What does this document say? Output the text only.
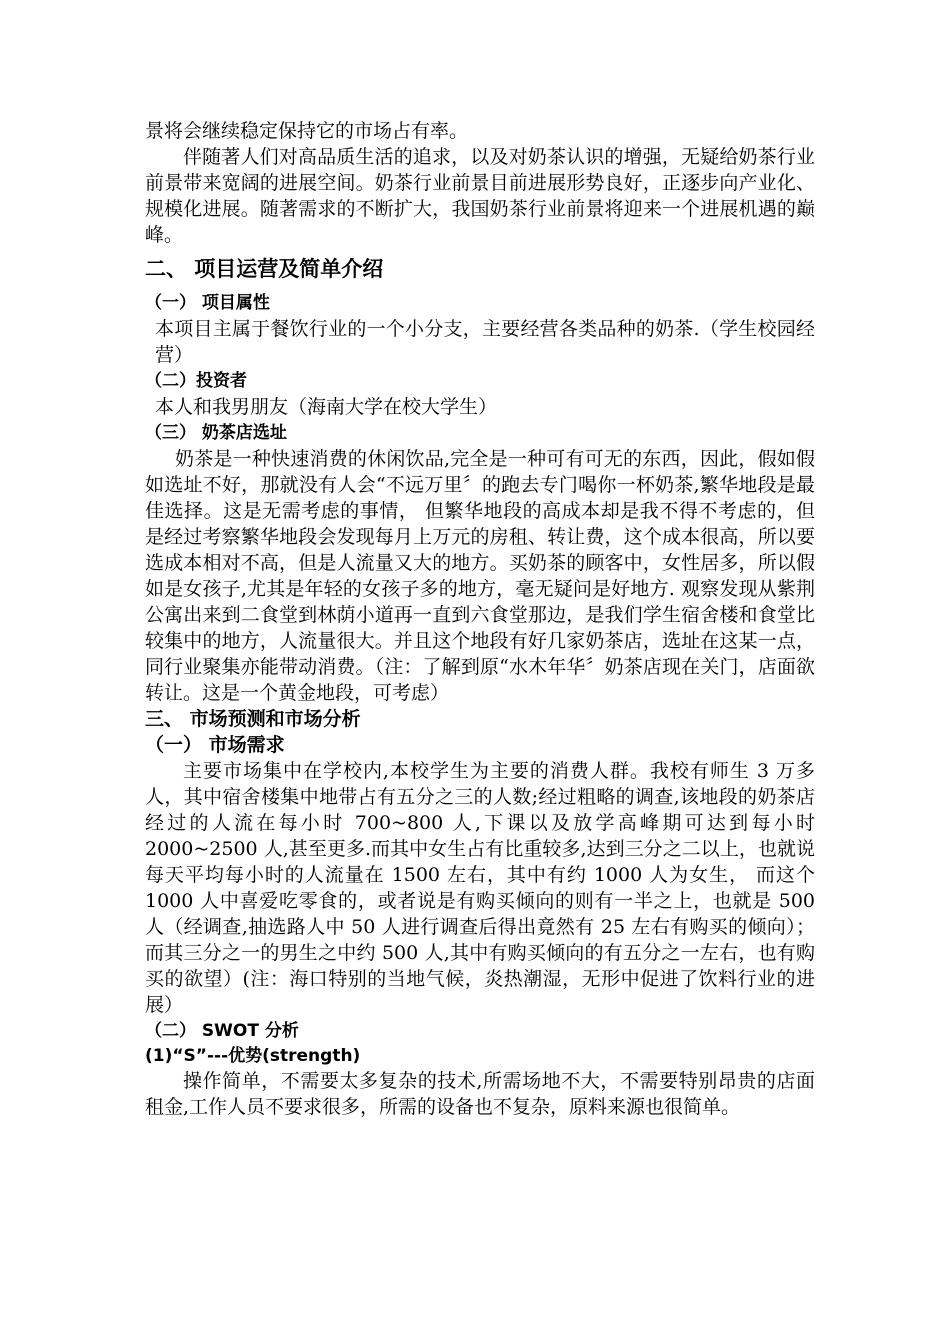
景将会继续稳定保持它的市场占有率。

伴随著人们对高品质生活的追求，以及对奶茶认识的增强，无疑给奶茶行业前景带来宽阔的进展空间。奶茶行业前景目前进展形势良好，正逐步向产业化、规模化进展。随著需求的不断扩大，我国奶茶行业前景将迎来一个进展机遇的巅峰。

二、 项目运营及简单介绍
（一） 项目属性

本项目主属于餐饮行业的一个小分支，主要经营各类品种的奶茶.（学生校园经营）

（二）投资者

本人和我男朋友（海南大学在校大学生）

（三） 奶茶店选址

奶茶是一种快速消费的休闲饮品,完全是一种可有可无的东西，因此，假如假如选址不好，那就没有人会“不远万里〞的跑去专门喝你一杯奶茶,繁华地段是最佳选择。这是无需考虑的事情， 但繁华地段的高成本却是我不得不考虑的，但是经过考察繁华地段会发现每月上万元的房租、转让费，这个成本很高，所以要选成本相对不高，但是人流量又大的地方。买奶茶的顾客中，女性居多，所以假如是女孩子,尤其是年轻的女孩子多的地方，毫无疑问是好地方. 观察发现从紫荆公寓出来到二食堂到林荫小道再一直到六食堂那边，是我们学生宿舍楼和食堂比较集中的地方，人流量很大。并且这个地段有好几家奶茶店，选址在这某一点，同行业聚集亦能带动消费。（注：了解到原“水木年华〞奶茶店现在关门，店面欲转让。这是一个黄金地段，可考虑）

三、 市场预测和市场分析
（一） 市场需求

主要市场集中在学校内,本校学生为主要的消费人群。我校有师生 3 万多人，其中宿舍楼集中地带占有五分之三的人数;经过粗略的调查,该地段的奶茶店经过的人流在每小时 700~800 人,下课以及放学高峰期可达到每小时 2000~2500 人,甚至更多.而其中女生占有比重较多,达到三分之二以上，也就说每天平均每小时的人流量在 1500 左右，其中有约 1000 人为女生， 而这个 1000 人中喜爱吃零食的，或者说是有购买倾向的则有一半之上，也就是 500 人（经调查,抽选路人中 50 人进行调查后得出竟然有 25 左右有购买的倾向）；而其三分之一的男生之中约 500 人,其中有购买倾向的有五分之一左右，也有购买的欲望）(注：海口特别的当地气候，炎热潮湿，无形中促进了饮料行业的进展）

（二） SWOT 分析
(1)“S”---优势(strength)

操作简单，不需要太多复杂的技术,所需场地不大，不需要特别昂贵的店面租金,工作人员不要求很多，所需的设备也不复杂，原料来源也很简单。
